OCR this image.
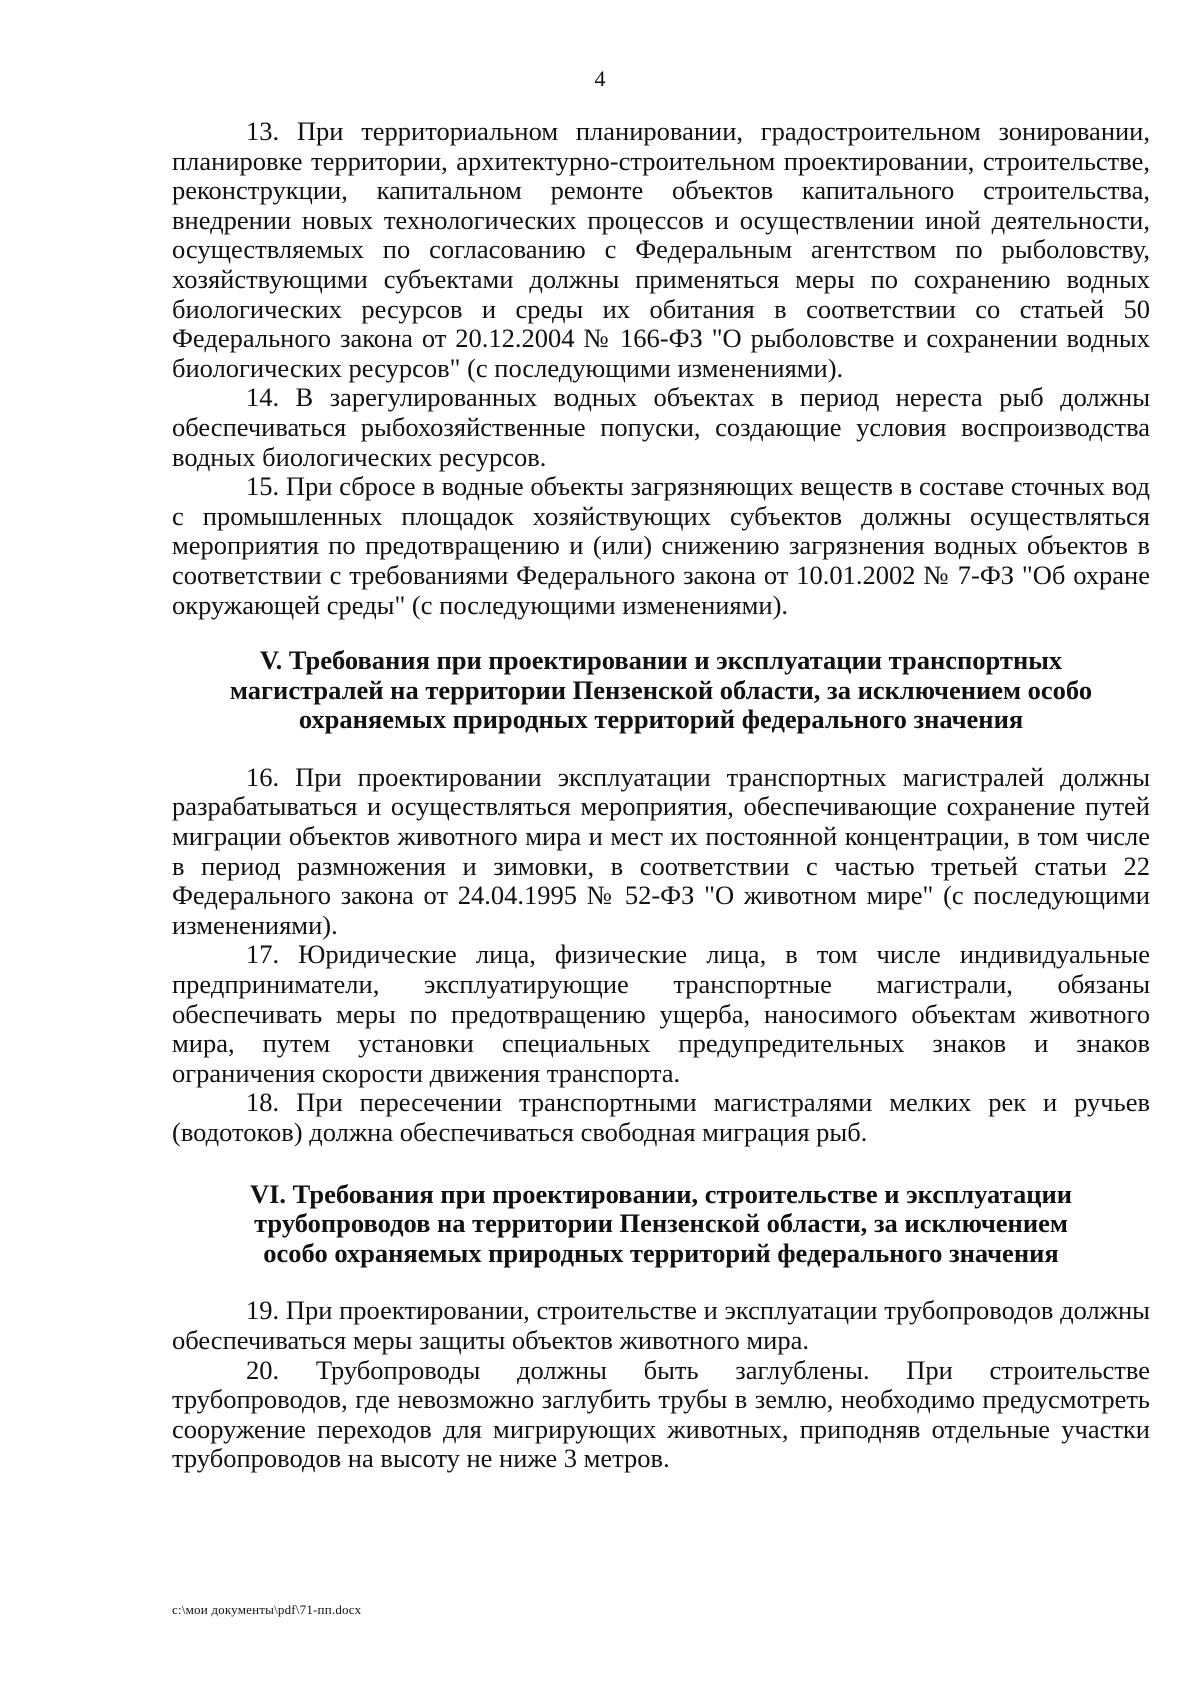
4

13. При территориальном планировании, градостроительном зонировании, планировке территории, архитектурно-строительном проектировании, строительстве, реконструкции, капитальном ремонте объектов капитального строительства, внедрении новых технологических процессов и осуществлении иной деятельности, осуществляемых по согласованию с Федеральным агентством по рыболовству, хозяйствующими субъектами должны применяться меры по сохранению водных биологических ресурсов и среды их обитания в соответствии со статьей 50 Федерального закона от 20.12.2004 № 166-ФЗ "О рыболовстве и сохранении водных биологических ресурсов" (с последующими изменениями).

14. В зарегулированных водных объектах в период нереста рыб должны обеспечиваться рыбохозяйственные попуски, создающие условия воспроизводства водных биологических ресурсов.

15. При сбросе в водные объекты загрязняющих веществ в составе сточных вод с промышленных площадок хозяйствующих субъектов должны осуществляться мероприятия по предотвращению и (или) снижению загрязнения водных объектов в соответствии с требованиями Федерального закона от 10.01.2002 № 7-ФЗ "Об охране окружающей среды" (с последующими изменениями).

V. Требования при проектировании и эксплуатации транспортных
магистралей на территории Пензенской области, за исключением особо
охраняемых природных территорий федерального значения

16. При проектировании эксплуатации транспортных магистралей должны разрабатываться и осуществляться мероприятия, обеспечивающие сохранение путей миграции объектов животного мира и мест их постоянной концентрации, в том числе в период размножения и зимовки, в соответствии с частью третьей статьи 22 Федерального закона от 24.04.1995 № 52-ФЗ "О животном мире" (с последующими изменениями).

17. Юридические лица, физические лица, в том числе индивидуальные предприниматели, эксплуатирующие транспортные магистрали, обязаны обеспечивать меры по предотвращению ущерба, наносимого объектам животного мира, путем установки специальных предупредительных знаков и знаков ограничения скорости движения транспорта.

18. При пересечении транспортными магистралями мелких рек и ручьев (водотоков) должна обеспечиваться свободная миграция рыб.

VI. Требования при проектировании, строительстве и эксплуатации
трубопроводов на территории Пензенской области, за исключением
особо охраняемых природных территорий федерального значения

19. При проектировании, строительстве и эксплуатации трубопроводов должны обеспечиваться меры защиты объектов животного мира.

20. Трубопроводы должны быть заглублены. При строительстве трубопроводов, где невозможно заглубить трубы в землю, необходимо предусмотреть сооружение переходов для мигрирующих животных, приподняв отдельные участки трубопроводов на высоту не ниже 3 метров.

c:\мои документы\pdf\71-пп.docx
